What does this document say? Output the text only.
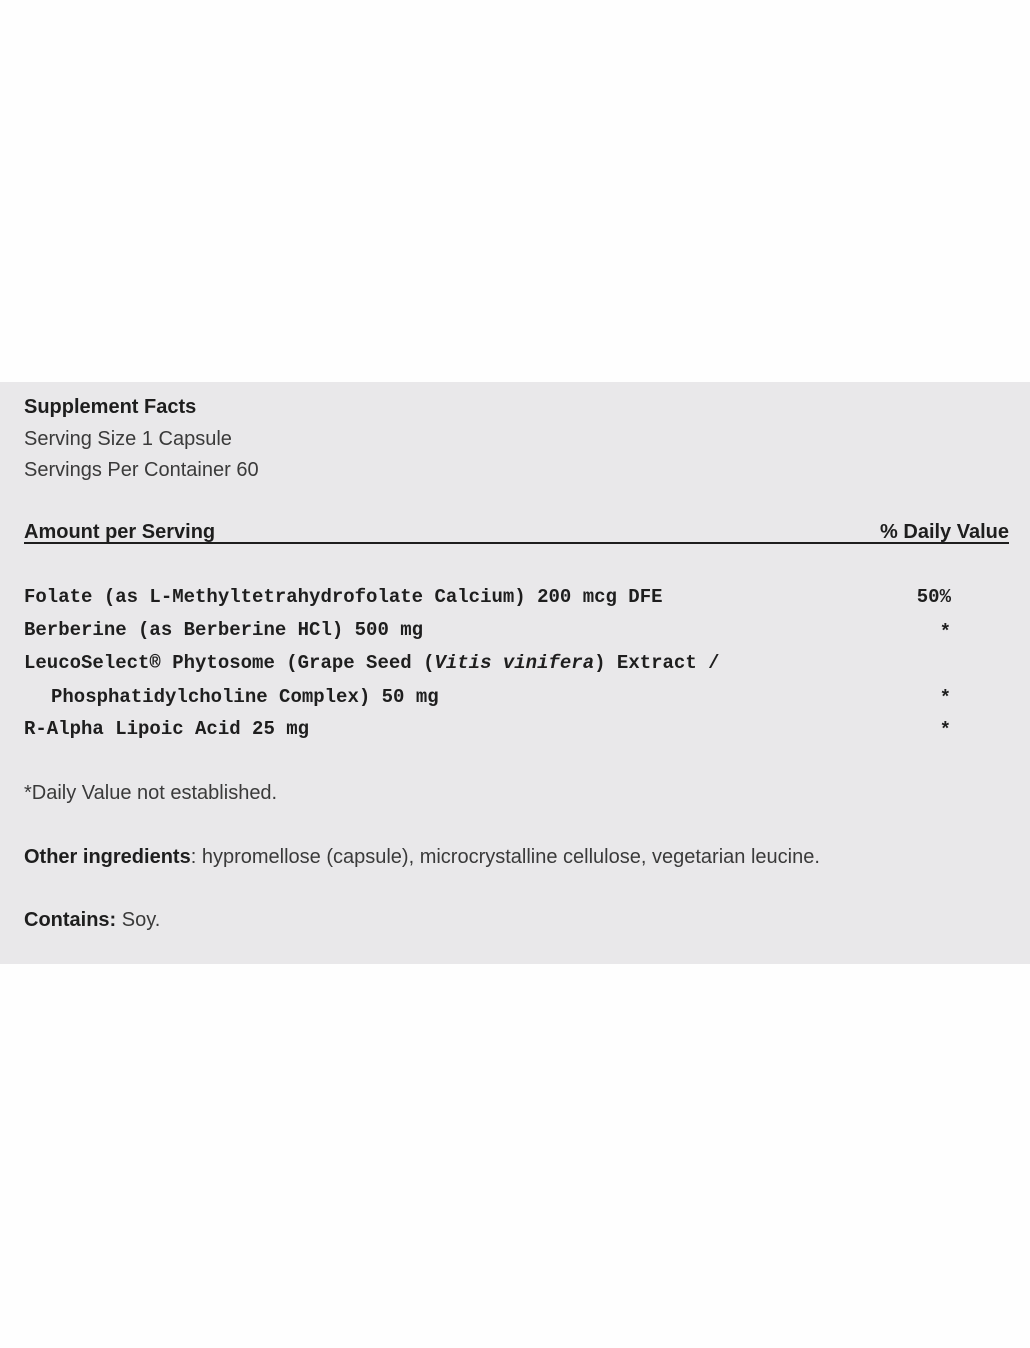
Supplement Facts
Serving Size 1 Capsule
Servings Per Container 60
Amount per Serving	% Daily Value
Folate (as L-Methyltetrahydrofolate Calcium) 200 mcg DFE	50%
Berberine (as Berberine HCl) 500 mg	*
LeucoSelect® Phytosome (Grape Seed (Vitis vinifera) Extract /
Phosphatidylcholine Complex) 50 mg	*
R-Alpha Lipoic Acid 25 mg	*
*Daily Value not established.
Other ingredients: hypromellose (capsule), microcrystalline cellulose, vegetarian leucine.
Contains: Soy.
